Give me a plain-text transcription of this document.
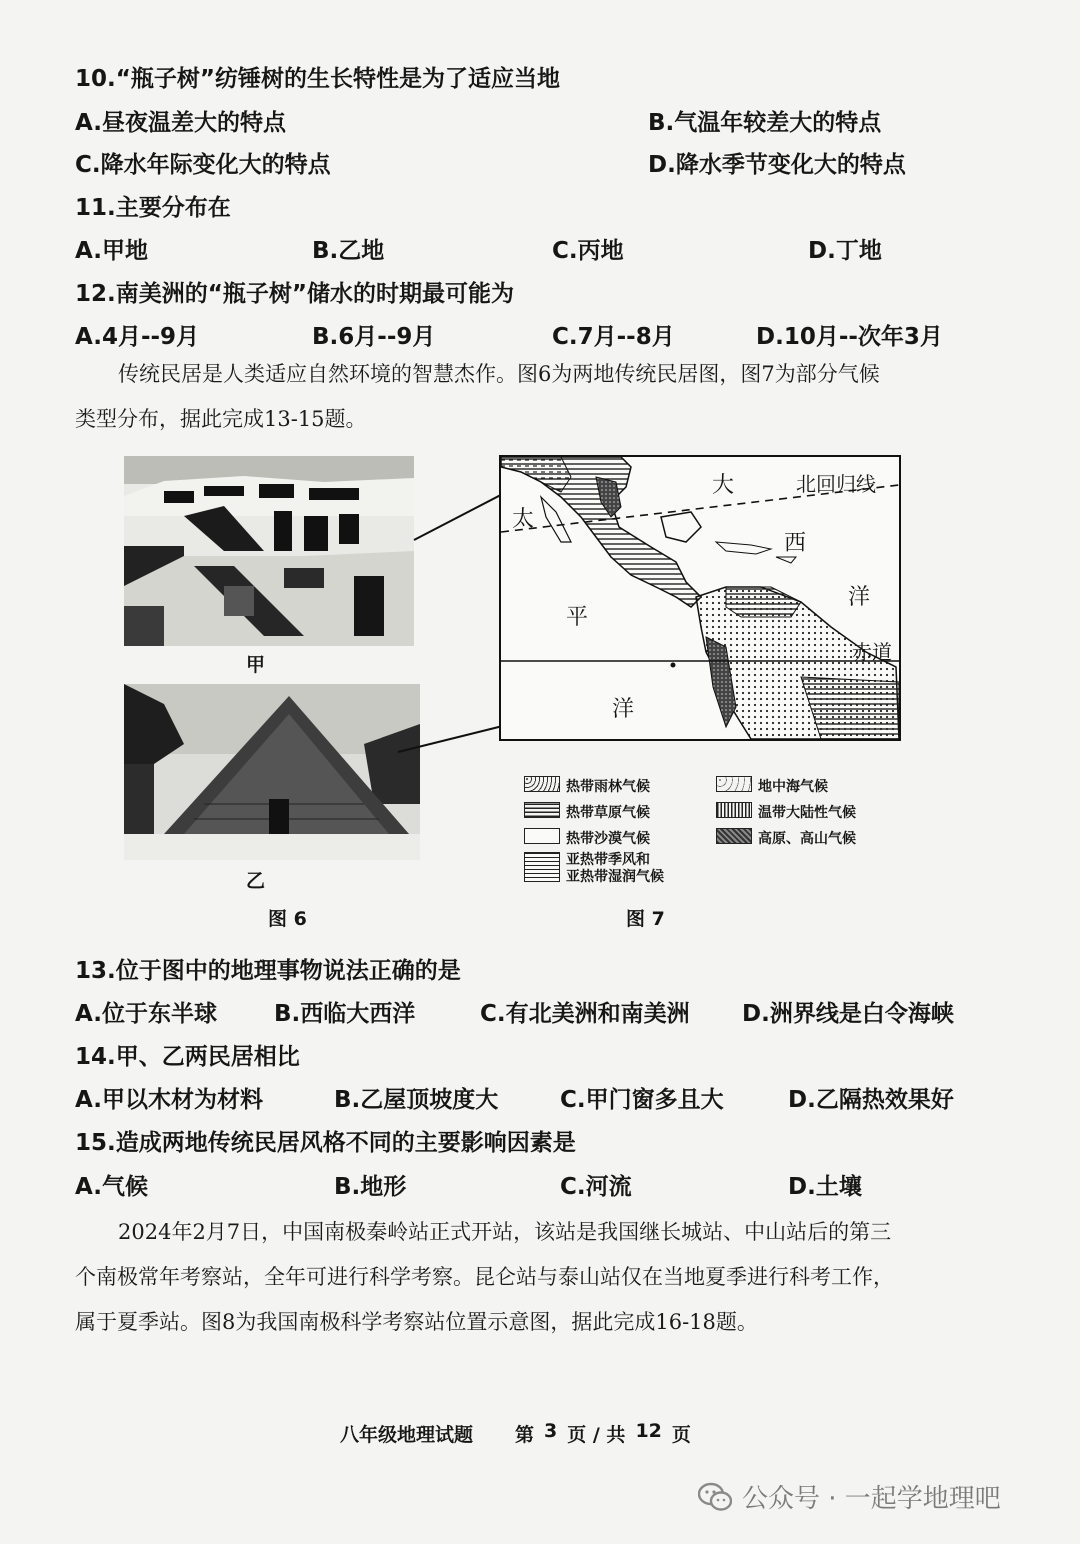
10.“瓶子树”纺锤树的生长特性是为了适应当地
A.昼夜温差大的特点	B.气温年较差大的特点
C.降水年际变化大的特点	D.降水季节变化大的特点
11.主要分布在
A.甲地	B.乙地	C.丙地	D.丁地
12.南美洲的“瓶子树”储水的时期最可能为
A.4月--9月	B.6月--9月	C.7月--8月	D.10月--次年3月
传统民居是人类适应自然环境的智慧杰作。图6为两地传统民居图，图7为部分气候
类型分布，据此完成13-15题。
甲
乙
图 6
大
西
洋
太
平
洋
北回归线
赤道
热带雨林气候	地中海气候
热带草原气候	温带大陆性气候
热带沙漠气候	高原、高山气候
亚热带季风和
亚热带湿润气候
图 7
13.位于图中的地理事物说法正确的是
A.位于东半球 B.西临大西洋	C.有北美洲和南美洲 D.洲界线是白令海峡
14.甲、乙两民居相比
A.甲以木材为材料	B.乙屋顶坡度大	C.甲门窗多且大	D.乙隔热效果好
15.造成两地传统民居风格不同的主要影响因素是
A.气候	B.地形	C.河流	D.土壤
2024年2月7日，中国南极秦岭站正式开站，该站是我国继长城站、中山站后的第三
个南极常年考察站，全年可进行科学考察。昆仑站与泰山站仅在当地夏季进行科考工作，
属于夏季站。图8为我国南极科学考察站位置示意图，据此完成16-18题。
八年级地理试题 第 3 页 / 共 12 页
公众号 · 一起学地理吧
